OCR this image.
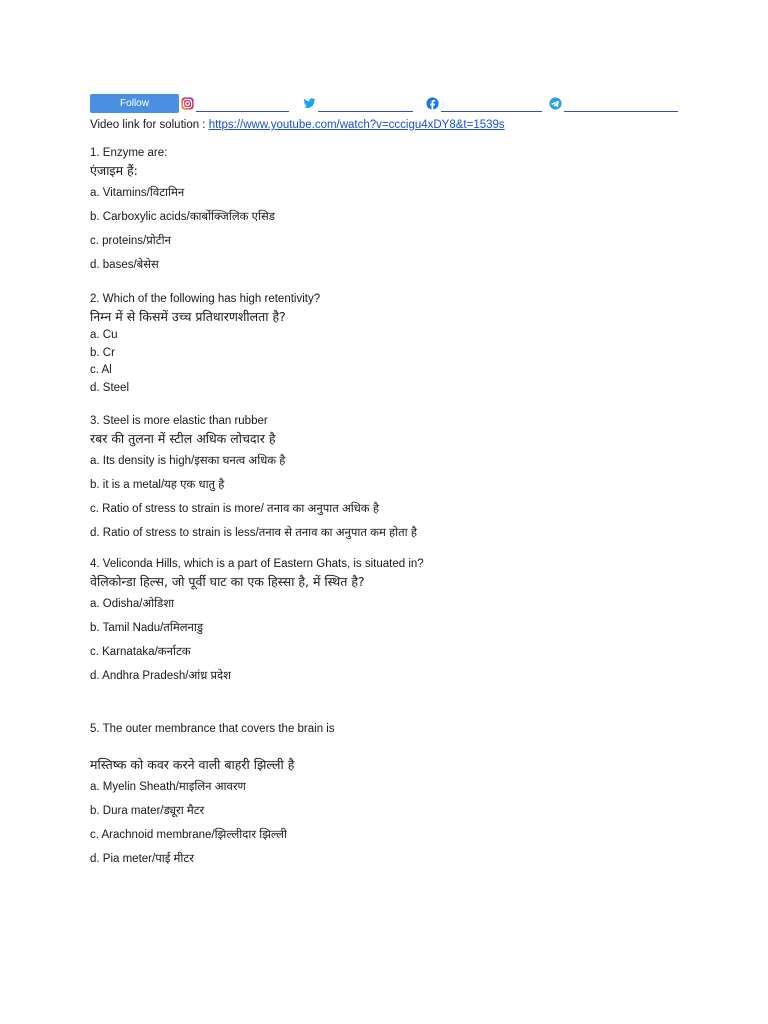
Follow
Video link for solution : https://www.youtube.com/watch?v=cccigu4xDY8&t=1539s
1. Enzyme are:
एंजाइम हैं:
a. Vitamins/विटामिन
b. Carboxylic acids/कार्बोक्जिलिक एसिड
c. proteins/प्रोटीन
d. bases/बेसेस
2. Which of the following has high retentivity?
निम्न में से किसमें उच्च प्रतिधारणशीलता है?
a. Cu
b. Cr
c. Al
d. Steel
3. Steel is more elastic than rubber
रबर की तुलना में स्टील अधिक लोचदार है
a. Its density is high/इसका घनत्व अधिक है
b. it is a metal/यह एक धातु है
c. Ratio of stress to strain is more/ तनाव का अनुपात अधिक है
d. Ratio of stress to strain is less/तनाव से तनाव का अनुपात कम होता है
4. Veliconda Hills, which is a part of Eastern Ghats, is situated in?
वेलिकोन्डा हिल्स, जो पूर्वी घाट का एक हिस्सा है, में स्थित है?
a. Odisha/ओडिशा
b. Tamil Nadu/तमिलनाडु
c. Karnataka/कर्नाटक
d. Andhra Pradesh/आंध्र प्रदेश
5. The outer membrance that covers the brain is
मस्तिष्क को कवर करने वाली बाहरी झिल्ली है
a. Myelin Sheath/माइलिन आवरण
b. Dura mater/ड्यूरा मैटर
c. Arachnoid membrane/झिल्लीदार झिल्ली
d. Pia meter/पाई मीटर
